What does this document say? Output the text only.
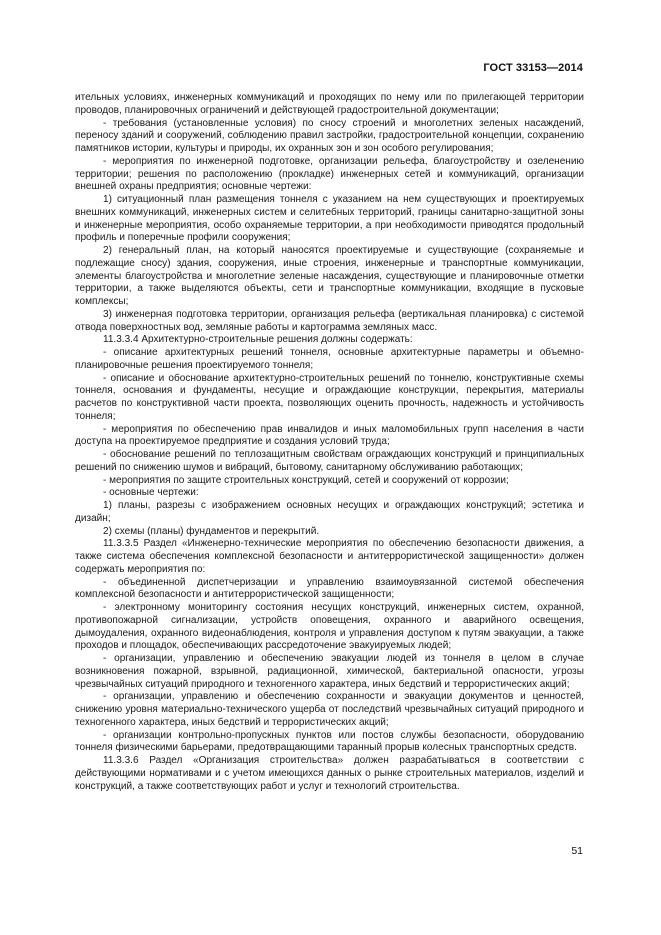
ГОСТ 33153—2014

ительных условиях, инженерных коммуникаций и проходящих по нему или по прилегающей территории проводов, планировочных ограничений и действующей градостроительной документации;

- требования (установленные условия) по сносу строений и многолетних зеленых насаждений, переносу зданий и сооружений, соблюдению правил застройки, градостроительной концепции, сохранению памятников истории, культуры и природы, их охранных зон и зон особого регулирования;

- мероприятия по инженерной подготовке, организации рельефа, благоустройству и озеленению территории; решения по расположению (прокладке) инженерных сетей и коммуникаций, организации внешней охраны предприятия; основные чертежи:

1) ситуационный план размещения тоннеля с указанием на нем существующих и проектируемых внешних коммуникаций, инженерных систем и селитебных территорий, границы санитарно-защитной зоны и инженерные мероприятия, особо охраняемые территории, а при необходимости приводятся продольный профиль и поперечные профили сооружения;

2) генеральный план, на который наносятся проектируемые и существующие (сохраняемые и подлежащие сносу) здания, сооружения, иные строения, инженерные и транспортные коммуникации, элементы благоустройства и многолетние зеленые насаждения, существующие и планировочные отметки территории, а также выделяются объекты, сети и транспортные коммуникации, входящие в пусковые комплексы;

3) инженерная подготовка территории, организация рельефа (вертикальная планировка) с системой отвода поверхностных вод, земляные работы и картограмма земляных масс.

11.3.3.4 Архитектурно-строительные решения должны содержать:

- описание архитектурных решений тоннеля, основные архитектурные параметры и объемно-планировочные решения проектируемого тоннеля;

- описание и обоснование архитектурно-строительных решений по тоннелю, конструктивные схемы тоннеля, основания и фундаменты, несущие и ограждающие конструкции, перекрытия, материалы расчетов по конструктивной части проекта, позволяющих оценить прочность, надежность и устойчивость тоннеля;

- мероприятия по обеспечению прав инвалидов и иных маломобильных групп населения в части доступа на проектируемое предприятие и создания условий труда;

- обоснование решений по теплозащитным свойствам ограждающих конструкций и принципиальных решений по снижению шумов и вибраций, бытовому, санитарному обслуживанию работающих;

- мероприятия по защите строительных конструкций, сетей и сооружений от коррозии;

- основные чертежи:

1) планы, разрезы с изображением основных несущих и ограждающих конструкций; эстетика и дизайн;

2) схемы (планы) фундаментов и перекрытий.

11.3.3.5 Раздел «Инженерно-технические мероприятия по обеспечению безопасности движения, а также система обеспечения комплексной безопасности и антитеррористической защищенности» должен содержать мероприятия по:

- объединенной диспетчеризации и управлению взаимоувязанной системой обеспечения комплексной безопасности и антитеррористической защищенности;

- электронному мониторингу состояния несущих конструкций, инженерных систем, охранной, противопожарной сигнализации, устройств оповещения, охранного и аварийного освещения, дымоудаления, охранного видеонаблюдения, контроля и управления доступом к путям эвакуации, а также проходов и площадок, обеспечивающих рассредоточение эвакуируемых людей;

- организации, управлению и обеспечению эвакуации людей из тоннеля в целом в случае возникновения пожарной, взрывной, радиационной, химической, бактериальной опасности, угрозы чрезвычайных ситуаций природного и техногенного характера, иных бедствий и террористических акций;

- организации, управлению и обеспечению сохранности и эвакуации документов и ценностей, снижению уровня материально-технического ущерба от последствий чрезвычайных ситуаций природного и техногенного характера, иных бедствий и террористических акций;

- организации контрольно-пропускных пунктов или постов службы безопасности, оборудованию тоннеля физическими барьерами, предотвращающими таранный прорыв колесных транспортных средств.

11.3.3.6 Раздел «Организация строительства» должен разрабатываться в соответствии с действующими нормативами и с учетом имеющихся данных о рынке строительных материалов, изделий и конструкций, а также соответствующих работ и услуг и технологий строительства.

51
